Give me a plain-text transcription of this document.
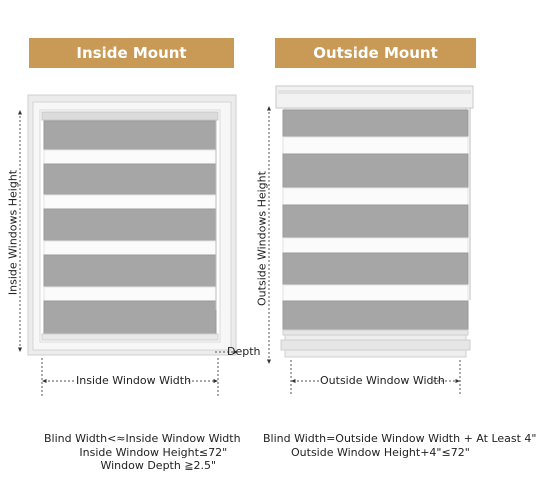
Inside Mount	Outside Mount
Inside Windows Height	Outside Windows Height
Inside Window Width	Outside Window Width
Depth
Blind Width<≈Inside Window Width
Inside Window Height≤72"
Window Depth ≧2.5"
Blind Width=Outside Window Width + At Least 4"
Outside Window Height+4"≤72"
